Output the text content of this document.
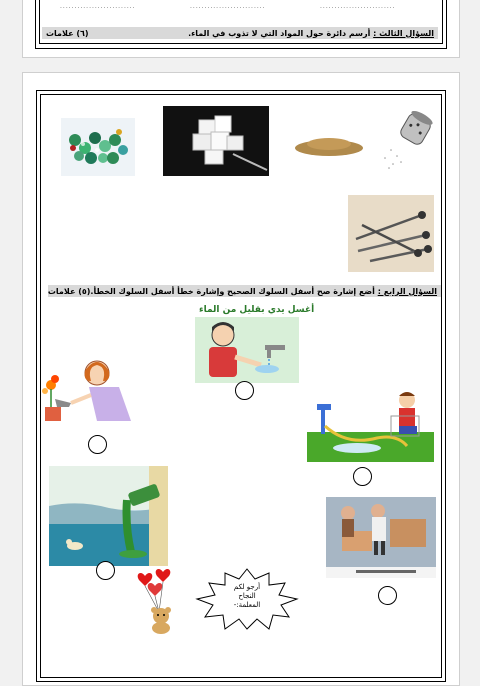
..........................	..........................	..........................
السؤال الثالث : أرسم دائرة حول المواد التي لا تذوب في الماء.
(٦) علامات
السؤال الرابع : أضع إشارة صح أسفل السلوك الصحيح وإشارة خطأ أسفل السلوك الخطأ.
(٥) علامات
أغسل يدي بقليل من الماء
أرجو لكم
النجاح
المعلمة:-
